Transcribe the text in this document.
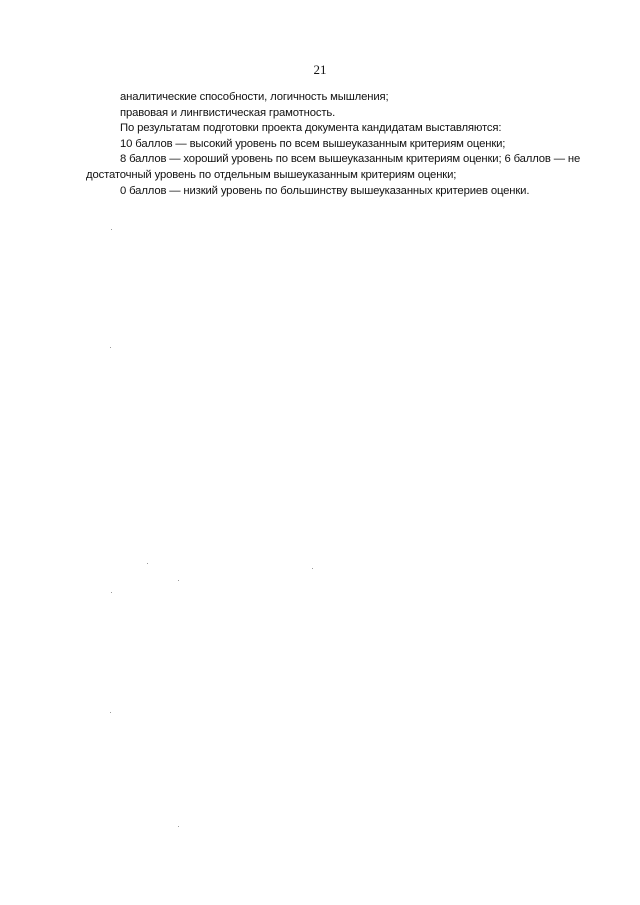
21

аналитические способности, логичность мышления;

правовая и лингвистическая грамотность.

По результатам подготовки проекта документа кандидатам выставляются:

10 баллов — высокий уровень по всем вышеуказанным критериям оценки;

8 баллов — хороший уровень по всем вышеуказанным критериям оценки; 6 баллов — не достаточный уровень по отдельным вышеуказанным критериям оценки;

0 баллов — низкий уровень по большинству вышеуказанных критериев оценки.
